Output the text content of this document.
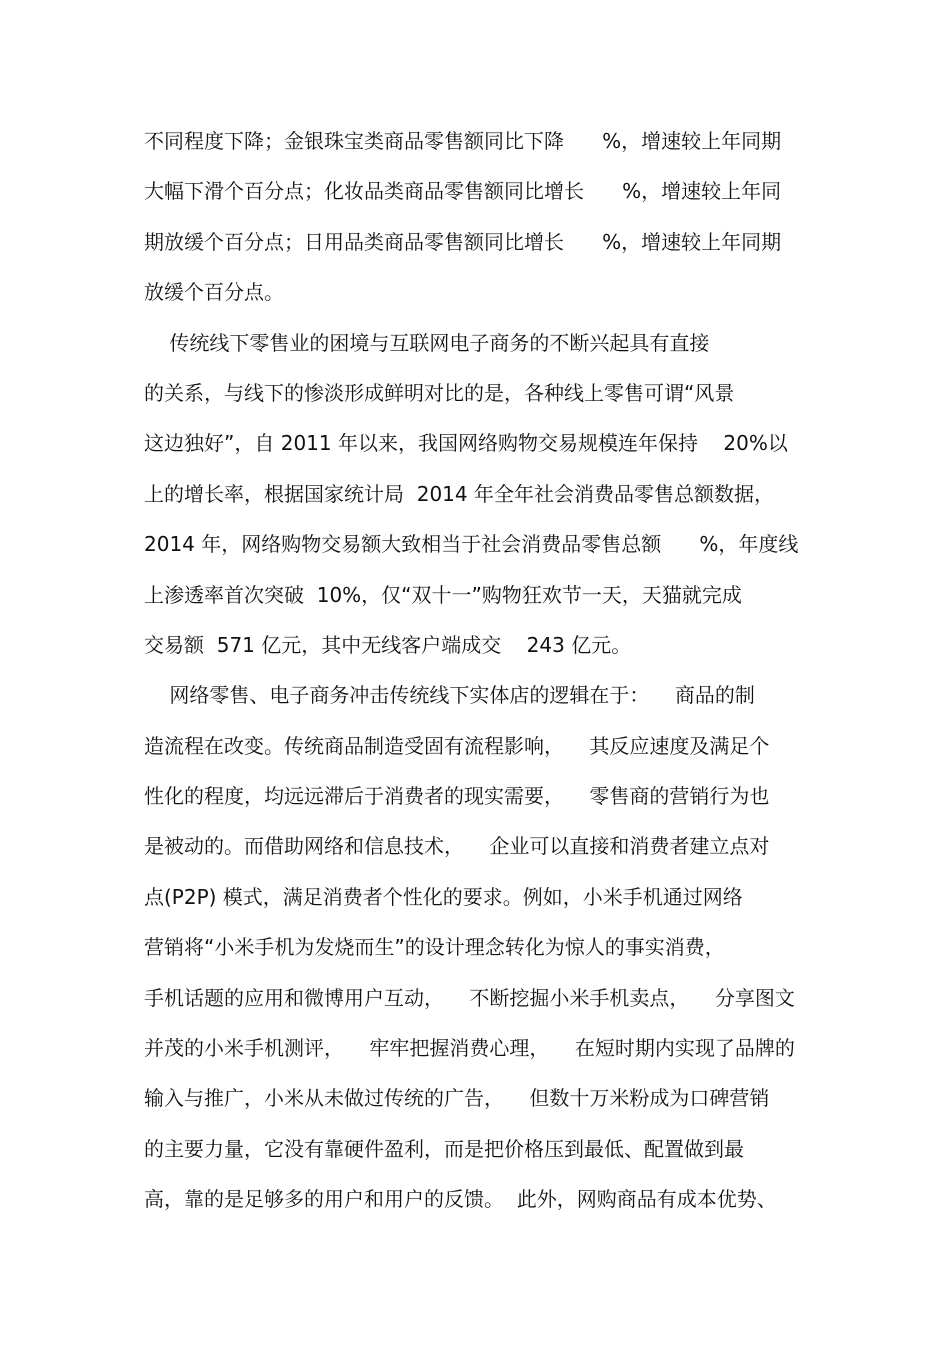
不同程度下降；金银珠宝类商品零售额同比下降      %，增速较上年同期
大幅下滑个百分点；化妆品类商品零售额同比增长      %，增速较上年同
期放缓个百分点；日用品类商品零售额同比增长      %，增速较上年同期
放缓个百分点。
传统线下零售业的困境与互联网电子商务的不断兴起具有直接
的关系，与线下的惨淡形成鲜明对比的是，各种线上零售可谓“风景
这边独好”，自 2011 年以来，我国网络购物交易规模连年保持    20%以
上的增长率，根据国家统计局  2014 年全年社会消费品零售总额数据，
2014 年，网络购物交易额大致相当于社会消费品零售总额      %，年度线
上渗透率首次突破  10%，仅“双十一”购物狂欢节一天，天猫就完成
交易额  571 亿元，其中无线客户端成交    243 亿元。
网络零售、电子商务冲击传统线下实体店的逻辑在于：    商品的制
造流程在改变。传统商品制造受固有流程影响，    其反应速度及满足个
性化的程度，均远远滞后于消费者的现实需要，    零售商的营销行为也
是被动的。而借助网络和信息技术，    企业可以直接和消费者建立点对
点(P2P) 模式，满足消费者个性化的要求。例如，小米手机通过网络
营销将“小米手机为发烧而生”的设计理念转化为惊人的事实消费，
手机话题的应用和微博用户互动，    不断挖掘小米手机卖点，    分享图文
并茂的小米手机测评，    牢牢把握消费心理，    在短时期内实现了品牌的
输入与推广，小米从未做过传统的广告，    但数十万米粉成为口碑营销
的主要力量，它没有靠硬件盈利，而是把价格压到最低、配置做到最
高，靠的是足够多的用户和用户的反馈。  此外，网购商品有成本优势、
